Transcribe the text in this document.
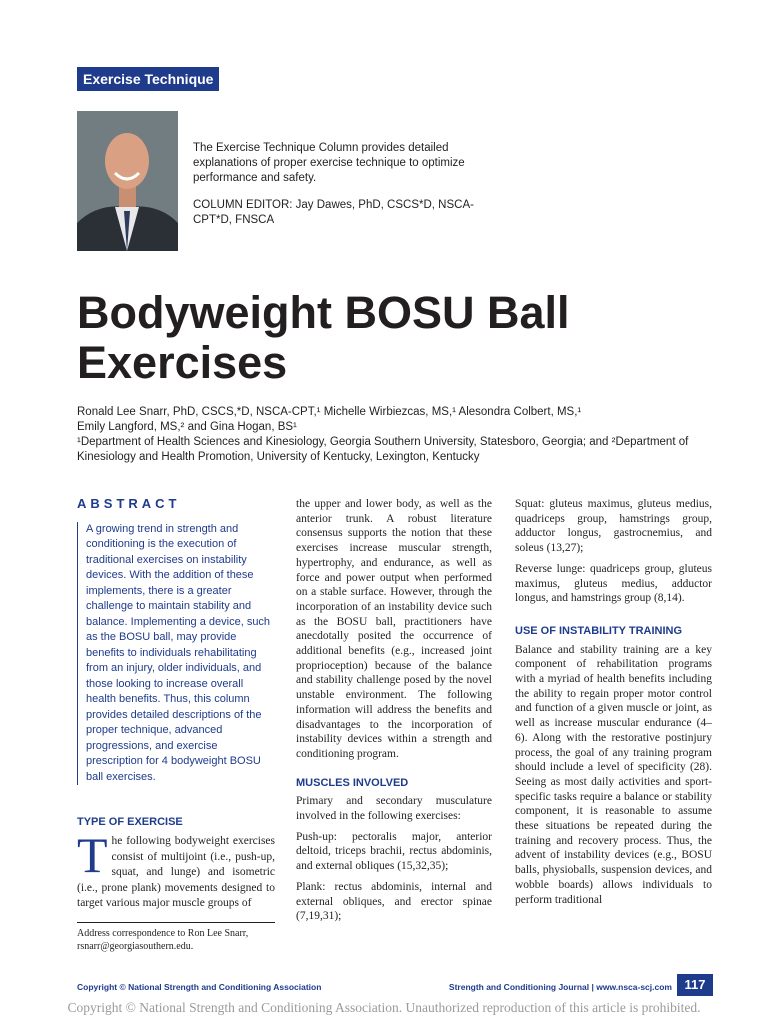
Exercise Technique

The Exercise Technique Column provides detailed explanations of proper exercise technique to optimize performance and safety.

COLUMN EDITOR: Jay Dawes, PhD, CSCS*D, NSCA-CPT*D, FNSCA

Bodyweight BOSU Ball
Exercises

Ronald Lee Snarr, PhD, CSCS,*D, NSCA-CPT,¹ Michelle Wirbiezcas, MS,¹ Alesondra Colbert, MS,¹

Emily Langford, MS,² and Gina Hogan, BS¹

¹Department of Health Sciences and Kinesiology, Georgia Southern University, Statesboro, Georgia; and ²Department of Kinesiology and Health Promotion, University of Kentucky, Lexington, Kentucky

ABSTRACT
A growing trend in strength and conditioning is the execution of traditional exercises on instability devices. With the addition of these implements, there is a greater challenge to maintain stability and balance. Implementing a device, such as the BOSU ball, may provide benefits to individuals rehabilitating from an injury, older individuals, and those looking to increase overall health benefits. Thus, this column provides detailed descriptions of the proper technique, advanced progressions, and exercise prescription for 4 bodyweight BOSU ball exercises.
TYPE OF EXERCISE

The following bodyweight exercises consist of multijoint (i.e., push-up, squat, and lunge) and isometric (i.e., prone plank) movements designed to target various major muscle groups of

Address correspondence to Ron Lee Snarr,
rsnarr@georgiasouthern.edu.

the upper and lower body, as well as the anterior trunk. A robust literature consensus supports the notion that these exercises increase muscular strength, hypertrophy, and endurance, as well as force and power output when performed on a stable surface. However, through the incorporation of an instability device such as the BOSU ball, practitioners have anecdotally posited the occurrence of additional benefits (e.g., increased joint proprioception) because of the balance and stability challenge posed by the novel unstable environment. The following information will address the benefits and disadvantages to the incorporation of instability devices within a strength and conditioning program.

MUSCLES INVOLVED

Primary and secondary musculature involved in the following exercises:

Push-up: pectoralis major, anterior deltoid, triceps brachii, rectus abdominis, and external obliques (15,32,35);

Plank: rectus abdominis, internal and external obliques, and erector spinae (7,19,31);

Squat: gluteus maximus, gluteus medius, quadriceps group, hamstrings group, adductor longus, gastrocnemius, and soleus (13,27);

Reverse lunge: quadriceps group, gluteus maximus, gluteus medius, adductor longus, and hamstrings group (8,14).

USE OF INSTABILITY TRAINING

Balance and stability training are a key component of rehabilitation programs with a myriad of health benefits including the ability to regain proper motor control and function of a given muscle or joint, as well as increase muscular endurance (4–6). Along with the restorative postinjury process, the goal of any training program should include a level of specificity (28). Seeing as most daily activities and sport-specific tasks require a balance or stability component, it is reasonable to assume these situations be repeated during the training and recovery process. Thus, the advent of instability devices (e.g., BOSU balls, physioballs, suspension devices, and wobble boards) allows individuals to perform traditional

Copyright © National Strength and Conditioning Association	Strength and Conditioning Journal | www.nsca-scj.com 117
Copyright © National Strength and Conditioning Association. Unauthorized reproduction of this article is prohibited.
